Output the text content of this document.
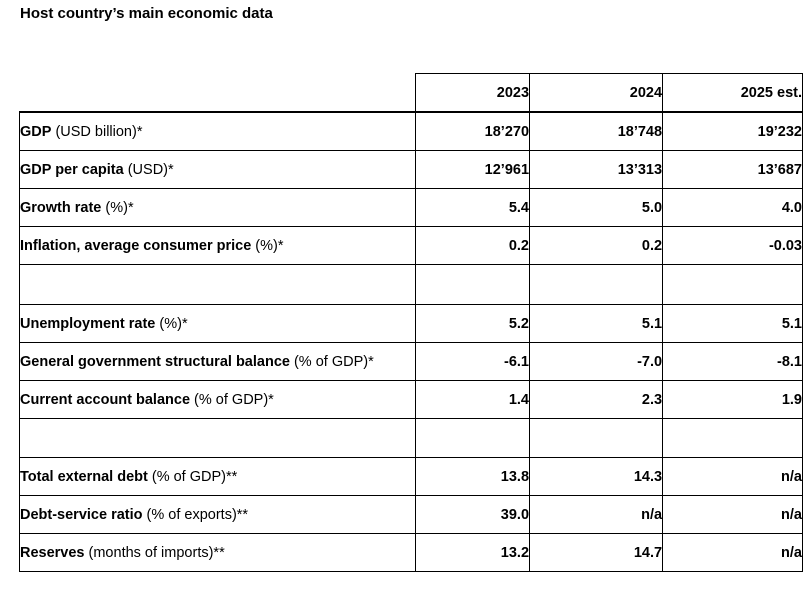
Host country’s main economic data
	2023	2024	2025 est.
GDP (USD billion)*	18’270	18’748	19’232
GDP per capita (USD)*	12’961	13’313	13’687
Growth rate (%)*	5.4	5.0	4.0
Inflation, average consumer price (%)*	0.2	0.2	-0.03

Unemployment rate (%)*	5.2	5.1	5.1
General government structural balance (% of GDP)*	-6.1	-7.0	-8.1
Current account balance (% of GDP)*	1.4	2.3	1.9

Total external debt (% of GDP)**	13.8	14.3	n/a
Debt-service ratio (% of exports)**	39.0	n/a	n/a
Reserves (months of imports)**	13.2	14.7	n/a
